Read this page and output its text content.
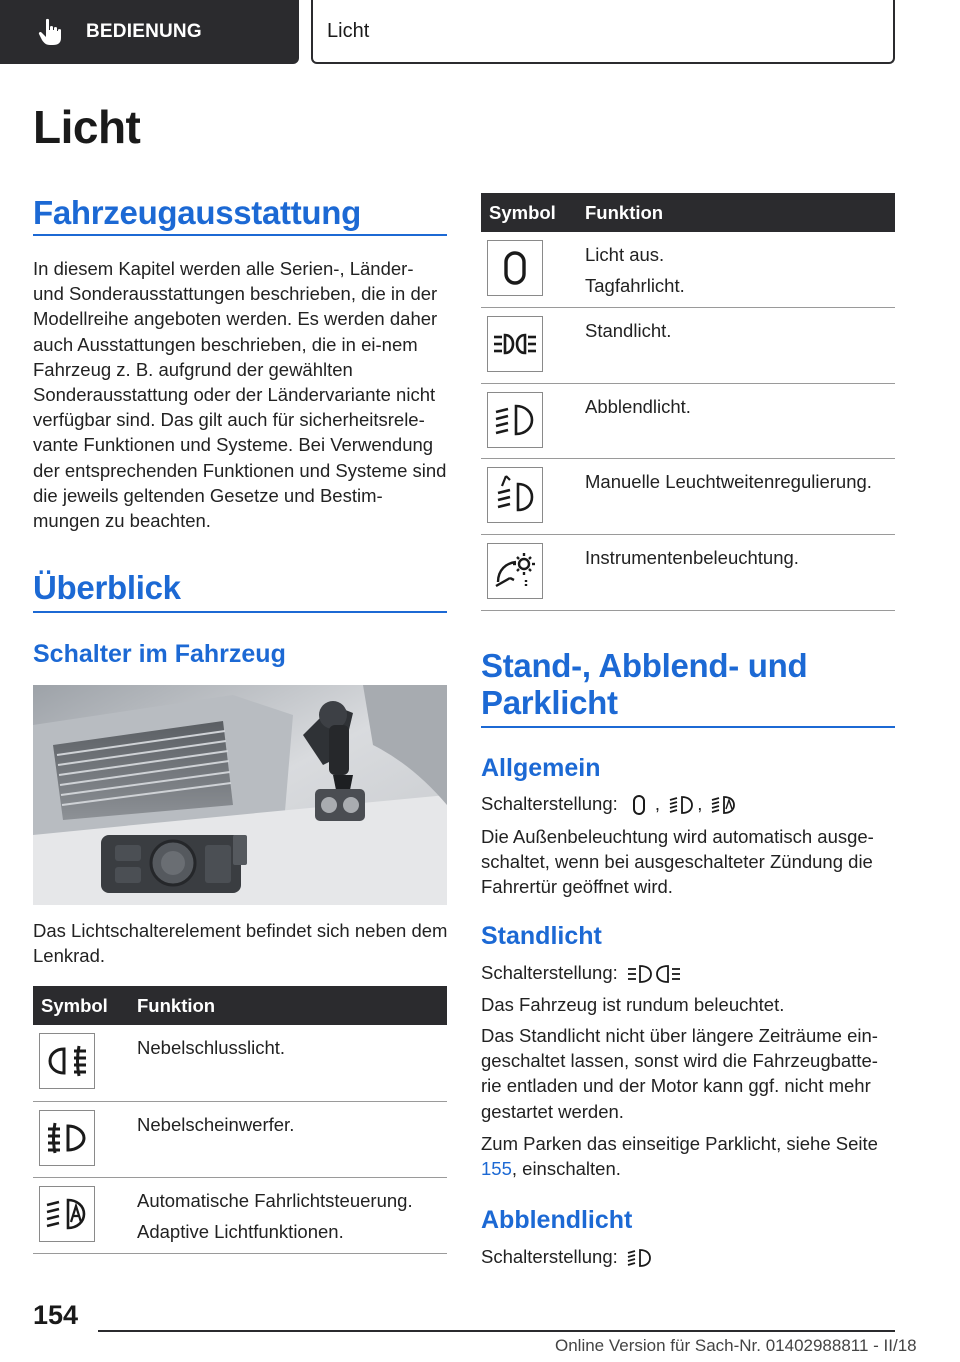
BEDIENUNG	Licht
Licht
Fahrzeugausstattung
In diesem Kapitel werden alle Serien-, Länder- und Sonderausstattungen beschrieben, die in der Modellreihe angeboten werden. Es werden daher auch Ausstattungen beschrieben, die in ei-nem Fahrzeug z. B. aufgrund der gewählten Sonderausstattung oder der Ländervariante nicht verfügbar sind. Das gilt auch für sicherheitsrele-vante Funktionen und Systeme. Bei Verwendung der entsprechenden Funktionen und Systeme sind die jeweils geltenden Gesetze und Bestim-mungen zu beachten.
Überblick
Schalter im Fahrzeug
Das Lichtschalterelement befindet sich neben dem Lenkrad.
Symbol	Funktion

Nebelschlusslicht.

Nebelscheinwerfer.

Automatische Fahrlichtsteuerung.
Adaptive Lichtfunktionen.
Symbol	Funktion

Licht aus.
Tagfahrlicht.

Standlicht.

Abblendlicht.

Manuelle Leuchtweitenregulierung.

Instrumentenbeleuchtung.
Stand-, Abblend- und Parklicht
Allgemein
Schalterstellung: , ,
Die Außenbeleuchtung wird automatisch ausge-schaltet, wenn bei ausgeschalteter Zündung die Fahrertür geöffnet wird.
Standlicht
Schalterstellung:
Das Fahrzeug ist rundum beleuchtet.
Das Standlicht nicht über längere Zeiträume ein-geschaltet lassen, sonst wird die Fahrzeugbatte-rie entladen und der Motor kann ggf. nicht mehr gestartet werden.
Zum Parken das einseitige Parklicht, siehe Seite 155, einschalten.
Abblendlicht
Schalterstellung:
154
Online Version für Sach-Nr. 01402988811 - II/18
